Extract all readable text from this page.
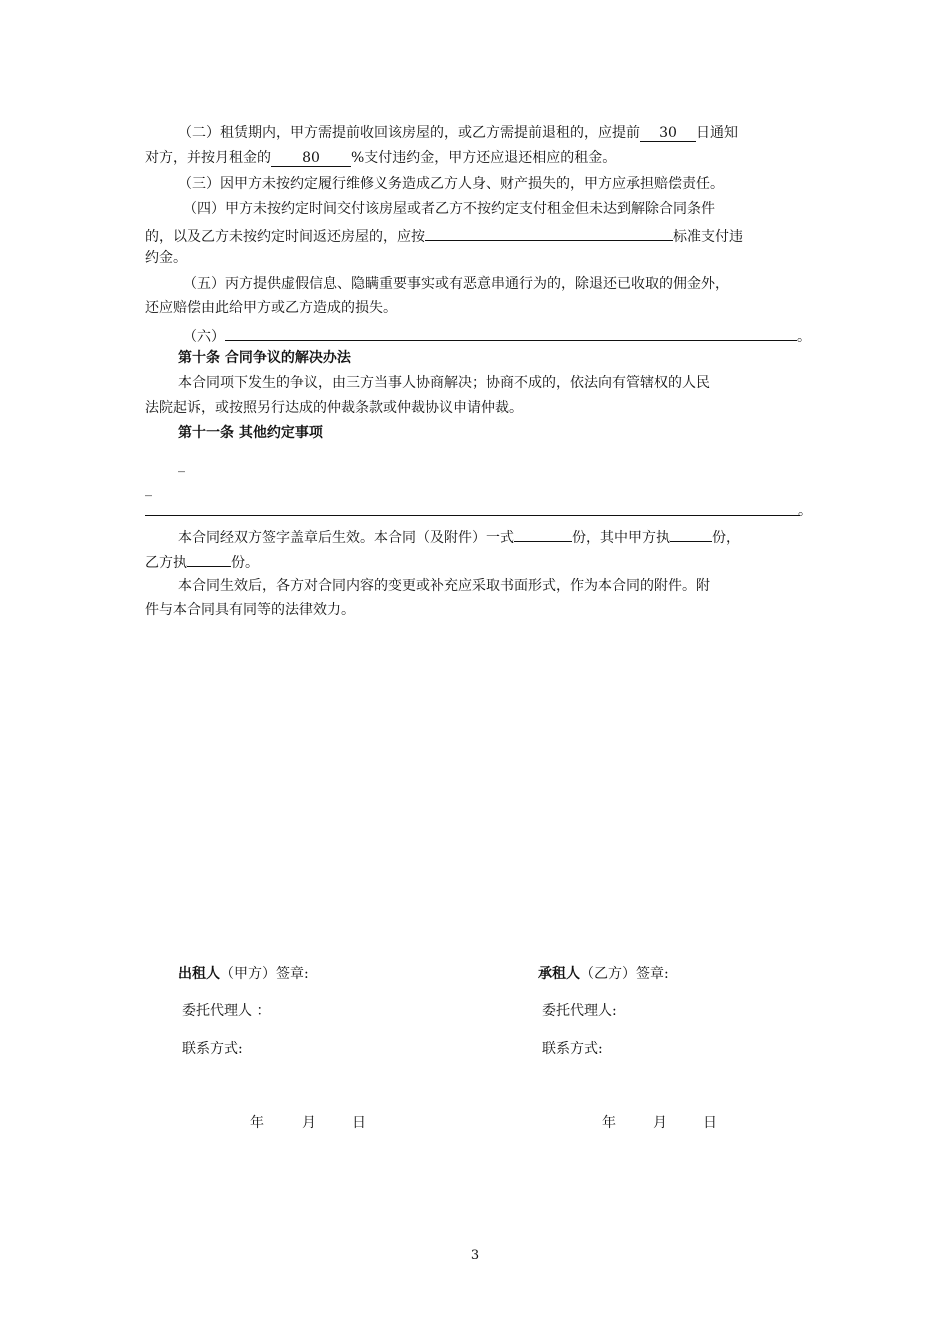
（二）租赁期内，甲方需提前收回该房屋的，或乙方需提前退租的，应提前 30 日通知
对方，并按月租金的 80 %支付违约金，甲方还应退还相应的租金。
（三）因甲方未按约定履行维修义务造成乙方人身、财产损失的，甲方应承担赔偿责任。
（四）甲方未按约定时间交付该房屋或者乙方不按约定支付租金但未达到解除合同条件
的，以及乙方未按约定时间返还房屋的，应按	标准支付违
约金。
（五）丙方提供虚假信息、隐瞒重要事实或有恶意串通行为的，除退还已收取的佣金外，
还应赔偿由此给甲方或乙方造成的损失。
（六）	。
第十条 合同争议的解决办法
本合同项下发生的争议，由三方当事人协商解决；协商不成的，依法向有管辖权的人民
法院起诉，或按照另行达成的仲裁条款或仲裁协议申请仲裁。
第十一条 其他约定事项
_
_
。
本合同经双方签字盖章后生效。本合同（及附件）一式	份，其中甲方执	份，
乙方执	份。
本合同生效后，各方对合同内容的变更或补充应采取书面形式，作为本合同的附件。附
件与本合同具有同等的法律效力。
出租人（甲方）签章:
委托代理人 ：
联系方式:
年	月	日
承租人（乙方）签章:
委托代理人:
联系方式:
年	月	日
3
